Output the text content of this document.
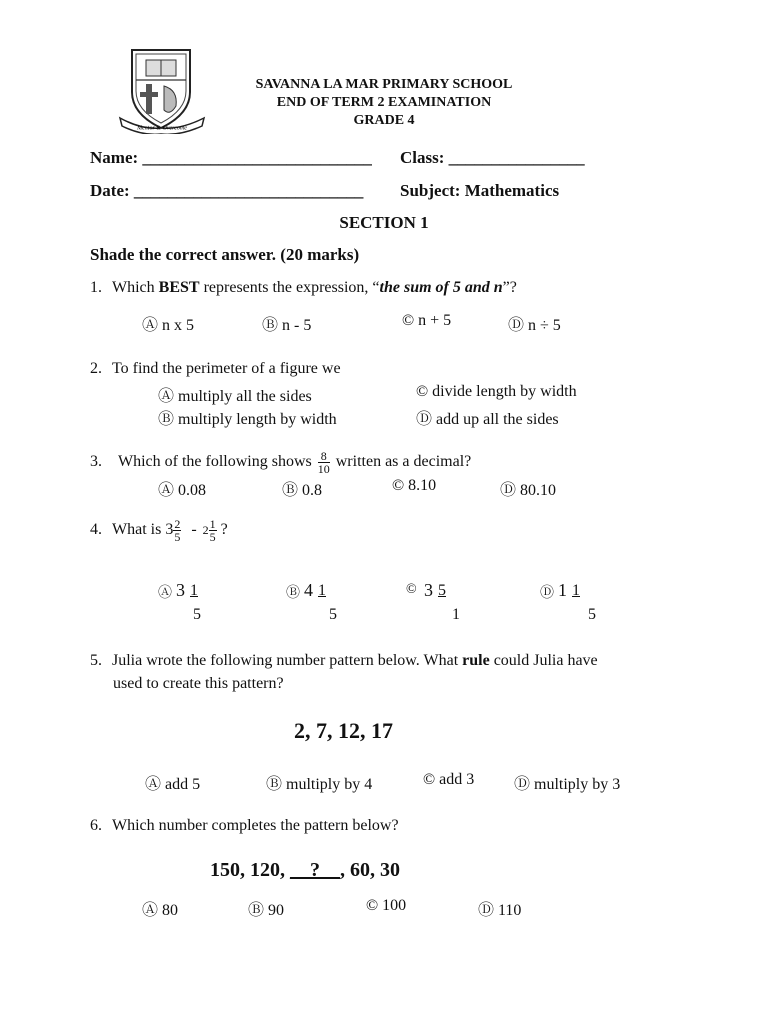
Mentor & Overcome
SAVANNA LA MAR PRIMARY SCHOOL
END OF TERM 2 EXAMINATION
GRADE 4
Name: ___________________________ Class: ________________
Date: ___________________________ Subject: Mathematics
SECTION 1
Shade the correct answer. (20 marks)
1. Which BEST represents the expression, “the sum of 5 and n”?
Ⓐ n x 5	Ⓑ n - 5	© n + 5	Ⓓ n ÷ 5
2. To find the perimeter of a figure we
Ⓐ multiply all the sides	© divide length by width
Ⓑ multiply length by width	Ⓓ add up all the sides
3. Which of the following shows $\frac{8}{10}$ written as a decimal?
Ⓐ 0.08	Ⓑ 0.8	© 8.10	Ⓓ 80.10
4. What is $3 \frac{2}{5} - 2 \frac{1}{5}$ ?
Ⓐ 3 1
5
Ⓑ 4 1
5
© 3 5
1
Ⓓ 1 1
5
5. Julia wrote the following number pattern below. What rule could Julia have
used to create this pattern?
2, 7, 12, 17
Ⓐ add 5	Ⓑ multiply by 4	© add 3 Ⓓ multiply by 3
6. Which number completes the pattern below?
150, 120, __?__, 60, 30
Ⓐ 80	Ⓑ 90	© 100	Ⓓ 110
